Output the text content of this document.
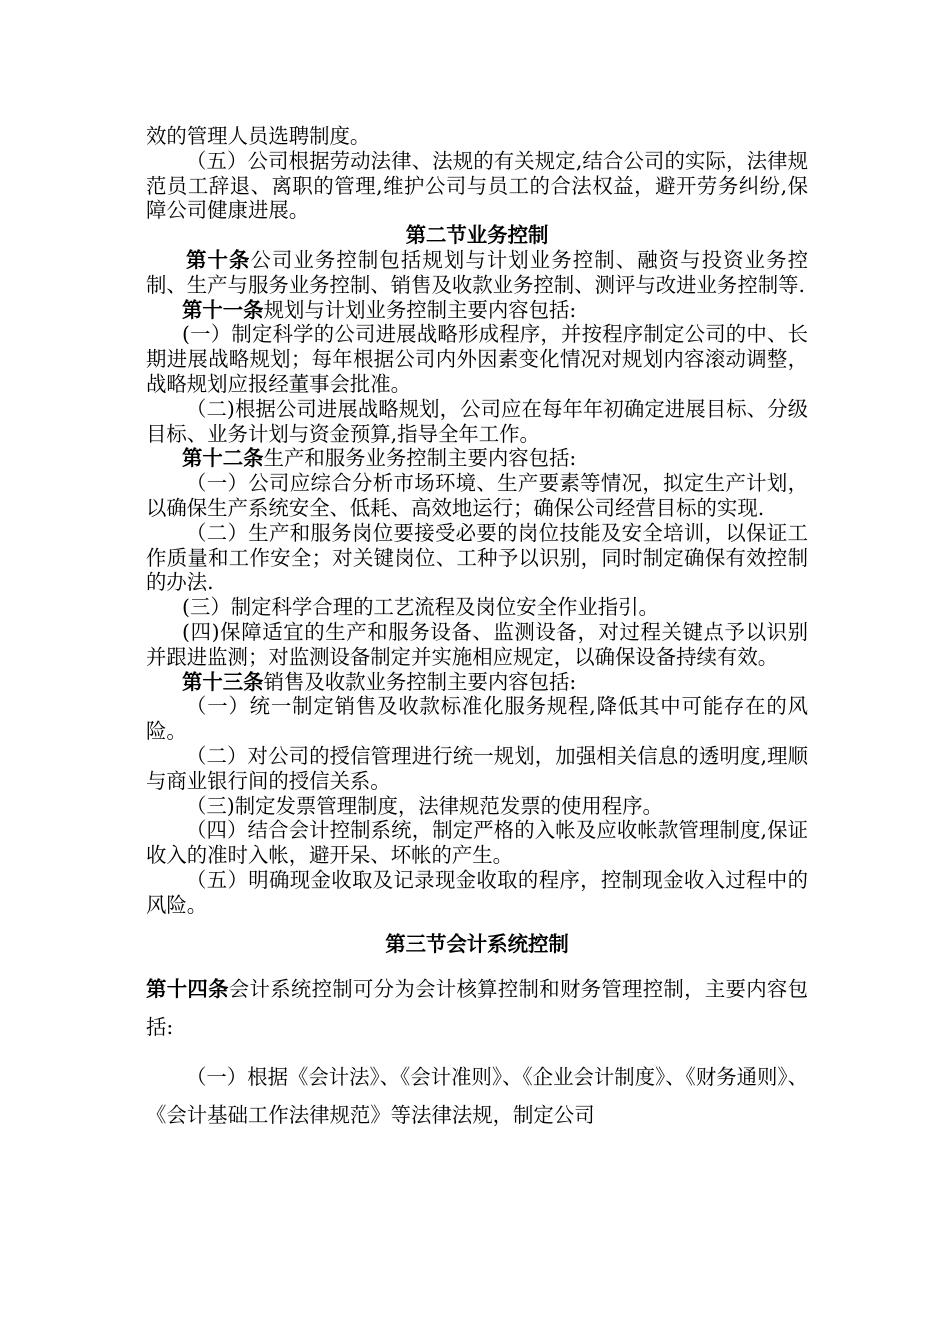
效的管理人员选聘制度。

（五）公司根据劳动法律、法规的有关规定,结合公司的实际，法律规范员工辞退、离职的管理,维护公司与员工的合法权益，避开劳务纠纷,保障公司健康进展。

第二节业务控制

第十条公司业务控制包括规划与计划业务控制、融资与投资业务控制、生产与服务业务控制、销售及收款业务控制、测评与改进业务控制等.

第十一条规划与计划业务控制主要内容包括:

(一）制定科学的公司进展战略形成程序，并按程序制定公司的中、长期进展战略规划；每年根据公司内外因素变化情况对规划内容滚动调整，战略规划应报经董事会批准。

（二)根据公司进展战略规划，公司应在每年年初确定进展目标、分级目标、业务计划与资金预算,指导全年工作。

第十二条生产和服务业务控制主要内容包括:

（一）公司应综合分析市场环境、生产要素等情况，拟定生产计划，以确保生产系统安全、低耗、高效地运行；确保公司经营目标的实现.

（二）生产和服务岗位要接受必要的岗位技能及安全培训，以保证工作质量和工作安全；对关键岗位、工种予以识别，同时制定确保有效控制的办法.

(三）制定科学合理的工艺流程及岗位安全作业指引。

(四)保障适宜的生产和服务设备、监测设备，对过程关键点予以识别并跟进监测；对监测设备制定并实施相应规定，以确保设备持续有效。

第十三条销售及收款业务控制主要内容包括:

（一）统一制定销售及收款标准化服务规程,降低其中可能存在的风险。

（二）对公司的授信管理进行统一规划，加强相关信息的透明度,理顺与商业银行间的授信关系。

（三)制定发票管理制度，法律规范发票的使用程序。

（四）结合会计控制系统，制定严格的入帐及应收帐款管理制度,保证收入的准时入帐，避开呆、坏帐的产生。

（五）明确现金收取及记录现金收取的程序，控制现金收入过程中的风险。

第三节会计系统控制

第十四条会计系统控制可分为会计核算控制和财务管理控制，主要内容包括:

（一）根据《会计法》、《会计准则》、《企业会计制度》、《财务通则》、《会计基础工作法律规范》等法律法规，制定公司
